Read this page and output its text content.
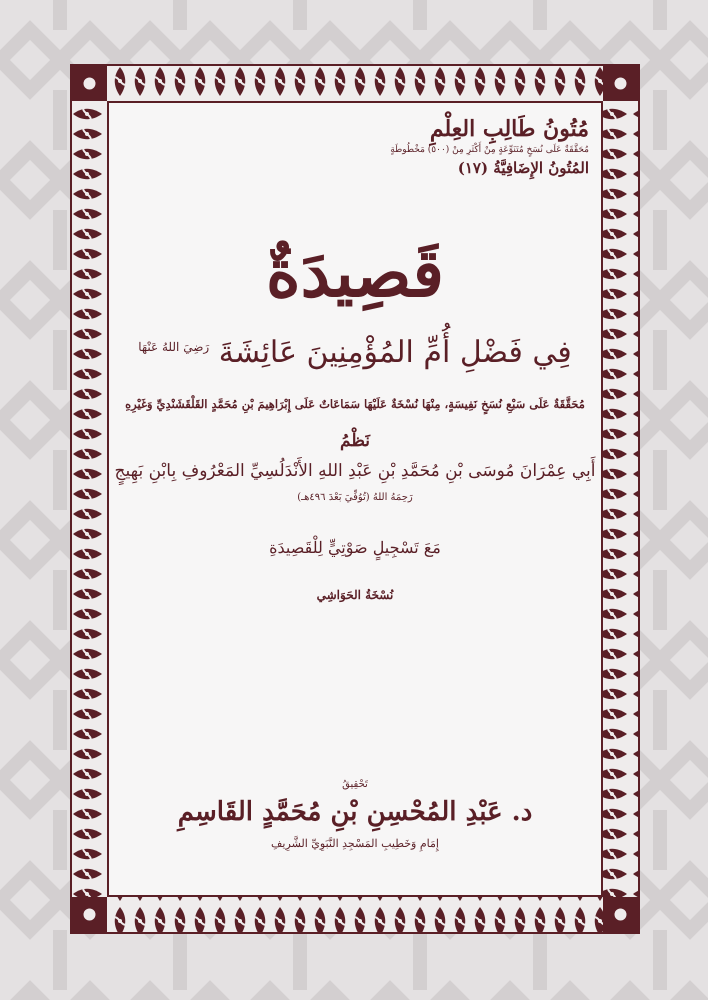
مُتُونُ طَالِبِ العِلْمِ
مُحَقَّقَةٌ عَلَى نُسَخٍ مُتَنَوِّعَةٍ مِنْ أَكْثَرِ مِنْ (٥٠٠) مَخْطُوطَةٍ
المُتُونُ الإِضَافِيَّةُ (١٧)
قَصِيدَةٌ
فِي فَضْلِ أُمِّ المُؤْمِنِينَ عَائِشَةَ $^{رَضِيَ اللهُ عَنْهَا}$
مُحَقَّقَةٌ عَلَى سَبْعِ نُسَخٍ نَفِيسَةٍ، مِنْهَا نُسْخَةٌ عَلَيْهَا سَمَاعَاتٌ عَلَى إِبْرَاهِيمَ بْنِ مُحَمَّدٍ القَلْقَشَنْدِيِّ وَغَيْرِهِ
نَظْمُ
أَبِي عِمْرَانَ مُوسَى بْنِ مُحَمَّدِ بْنِ عَبْدِ اللهِ الأَنْدَلُسِيِّ المَعْرُوفِ بِابْنِ بَهِيجٍ
رَحِمَهُ اللهُ (تُوُفِّيَ بَعْدَ ٤٩٦هـ)
مَعَ تَسْجِيلٍ صَوْتِيٍّ لِلْقَصِيدَةِ
نُسْخَةُ الحَوَاشِي
تَحْقِيقُ
د. عَبْدِ المُحْسِنِ بْنِ مُحَمَّدٍ القَاسِمِ
إِمَامِ وَخَطِيبِ المَسْجِدِ النَّبَوِيِّ الشَّرِيفِ
